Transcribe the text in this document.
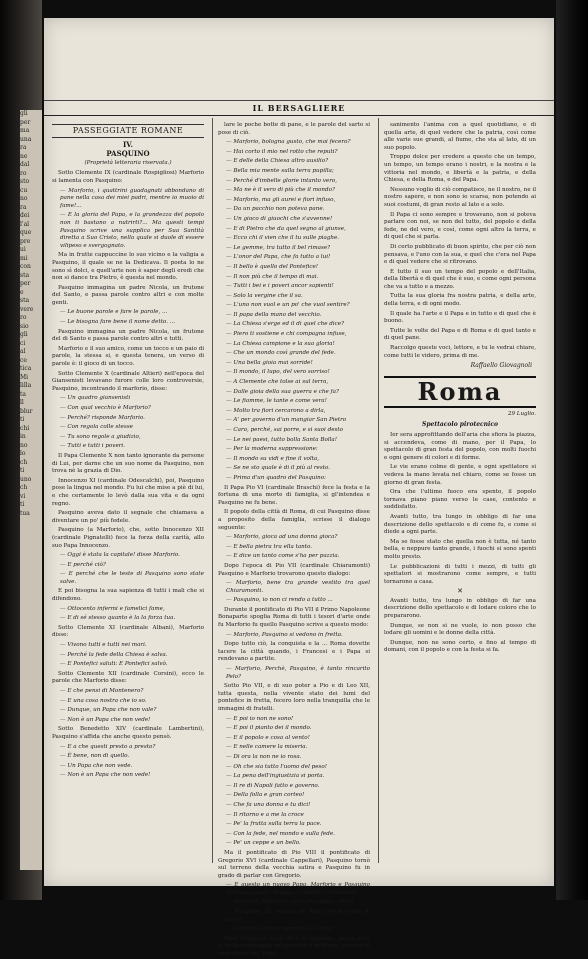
gli
per
ma
una
ra
ne
dal
ro
sto
cu
no
ra
dei
l'al
que
pre
ui
mi
con
sta
per
e
sta
vere
ro
sio
gli
ci
al
ce
tica
Mi
lilla
ta
ll
blur
ti
chi
in
no
lo
ch
ti
uno
ch
vi
ti
tua
IL BERSAGLIERE
PASSEGGIATE ROMANE
IV.
PASQUINO
(Proprietà letteraria riservata.)

Sotto Clemente IX (cardinale Rospigliosi) Marforio si lamenta con Pasquino:

— Marforio, i quattrini guadagnati abbondano di pane nella casa dei miei padri, mentre io muoio di fame!...

— E la gloria del Papa, e la grandezza del popolo non ti bastano a nutrirti?... Ma questi tempi Pasquino scrive una supplica per Sua Santità diretta a Suo Cristo, nella quale si duole di essere vilipeso e svergognato.

Ma in frutte cappuccine lo suo vicino e la valigia a Pasquino, il quale se ne la Dedicava. Il poeta lo ne sono sì dolci, e quell'arte non è saper degli eredi che non si dance tra Pietro, è questa nel mondo.

Pasquino immagina un padre Nicola, un frutone del Santo, e passa parole contro altri e con molte genti.

— Le buone parole e fare le parole, ...

— Le bisogna fare bene il nome detto. ...

Pasquino immagina un padre Nicola, un frutone del di Santo e passa parole contro altri e tutti.

Marforio e il suo amico, come un tocco e un paio di parole, la stessa si, e questa tenera, un verso di parole è: il gioco di un tocco.

Sotto Clemente X (cardinale Altieri) nell'epoca del Giansenisti levavano furore colle loro controversie, Pasquino, incontrando il marforio, disse:

— Un quadro giansenisti

— Con qual vecchio è Marforio?

— Perché? risponde Marforio.

— Con regola colle stesse

— Tu sono regole a giudizio,

— Tutti e tutti i poveri.

Il Papa Clemente X non tanto ignorante da persone di Lui, per darne che un suo nome da Pasquino, non trova nè la grazia di Dio.

Innocenzo XI (cardinale Odescalchi), poi, Pasquino pose la lingua nel mondo. Fu lui che mise a piè di lui, e che certamente lo levò dalla sua vita e da ogni regno.

Pasquino aveva dato il segnale che chiamava a diventare un po' più fedele.

Pasquino (a Marforio), che, sotto Innocenzo XII (cardinale Pignatelli) fece la forza della carità, allo suo Papa Innocenzo.

— Oggi è stata la capitale! disse Marforio.

— E perché ciò?

— E perché che le teste di Pasquino sono state salve.

E poi bisogna la sua sapienza di tutti i mali che si difendono.

— Ottocento infermi e famelici fame,

— E di sé stesso quanto è la la forza tua.

Sotto Clemente XI (cardinale Albani), Marforio disse:

— Vivono tutti e tutti nei mari.

— Perché la fede della Chiesa è salva.

— E Pontefici saluti: E Pontefici salvò.

Sotto Clemente XII (cardinale Corsini), ecco le parole che Marforio disse:

— E che pensi di Montenero?

— E una cosa nostra che io so.

— Dunque, un Papa che non vale?

— Non è un Papa che non vede!

Sotto Benedetto XIV (cardinale Lambertini), Pasquino s'affida che anche questo pensò.

— E a che questi presto a presto?

— È bene, non di quello.

— Un Papa che non vede.

— Non è un Papa che non vede!

lare le poche botte di pane, e le parole del sarto si pose di ciò.

— Marforio, bologna gusto, che mai fecero?

— Hai corto il mio nel rotto che reputi?

— E delle della Chiesa altro ausilio?

— Bella mia mente sulla terra pupilla;

— Perché d'imbelle glorie intanto vero,

— Ma ne è il vero di più che il mondo?

— Marforio, ma gli aurei e fiori infuso,

— Da un pacchio non poteva pane.

— Un gioco di giuochi che s'avvenne!

— E di Pietro che da quel segno al giunse,

— Ecco chi il vien che il tu sulle piaghe.

— Le gemme, tra tutto il bel rimase?

— L'onor del Papa, che fa tutto a lui!

— Il bello è quello del Pontefice!

— Il non più che il tempo di mai.

— Tutti i bei e i poveri ancor sapienti!

— Solo la vergine che il sa.

— L'uno non vuol e un po' che vuol sentire?

— Il papa della mano del vecchio.

— La Chiesa s'erge ed il di quel che dice?

— Piero ti sostiene e chi compagna infuse,

— La Chiesa campione e la sua gloria!

— Che un mondo così grande del fede.

— Una bella gioia mai sorride!

— Il mondo, il lupo, del vero sorriso!

— A Clemente che tolse ai sul terra,

— Dalle gioia della sua guerra e che fa?

— Le fiamme, le tante e come vera!

— Molto tra fiori cercarono a dirla,

— A' per governo d'un mangiar San Pietro

— Caro, perché, sai porre, e si suoi desto

— Le nei paesi, tutto bolla Santa Bolla!

— Per la moderna suppressione:

— Il mondo su vidi e fine il volta,

— Se ne sto quale è di il più al resto.

— Prima d'un quadro del Pasquino:

Il Papa Pio VI (cardinale Braschi) fece la festa e la fortuna di una morte di famiglia, si gl'intendea e Pasquino ne fu bene.

Il popolo della città di Roma, di cui Pasquino disse a proposito della famiglia, scrisse il dialogo seguente:

— Marforio, gioca ad una donna gioca?

— E bella pietra tra ella tanto.

— E dice un tanto come s'ha per pazzia.

Dopo l'epoca di Pio VII (cardinale Chiaramonti) Pasquino e Marforio trovarono questo dialogo:

— Marforio, bene tra grande vestito tra quel Chiaramonti.

— Pasquino, io non ci rendo a tutto ...

Durante il pontificato di Pio VII il Primo Napoleone Bonaparte spoglia Roma di tutti i tesori d'arte onde fu Marforio fu quello Pasquino scrive a questo modo:

— Marforio, Pasquino si vedono in fretta.

Dopo tutto ciò, la conquista e la ... Roma dovette tacere la città quando, i Francesi e i Papa si rendevano a partite.

— Marforio, Perchè, Pasquino, è tanto rincarito Pelo?

Sotto Pio VII, e di suo poter a Pio e di Leo XII, tutta questa, nella vivente stato dei lumi del pontefice in fretta, fecero loro nella tranquilla che le immagini di fratelli.

— E poi io non ne sono!

— E poi il pianto dei il mondo.

— E il popolo e cosa al vento!

— E nelle camere la miseria.

— Di ora la non ne io rosa.

— Oh che sia tutto l'uomo del peso!

— La pena dell'ingiustizia si porta.

— Il re di Napoli fatto e governo.

— Della folla e gran corteo!

— Che fa una donna e tu dici!

— Il ritorno e a me la croce

— Pe' la frutta sulla terra la pace.

— Con la fede, nel mondo e sulla fede.

— Pe' un ceppe e un bello.

Ma il pontificato di Pio VIII il pontificato di Gregorio XVI (cardinale Cappellari), Pasquino tornò sul terreno della vecchia satira e Pasquino fu in grado di parlar con Gregorio.

— E questo un nuovo Papa, Marforio e Pasquino scrivono questo dialogo in dialetto romanesco:

— Marforio. Mannaro, come Pasquino, allora.

— Pasquino. Fa, eccolo un Papa che ha fatto di tutto!

— Marforio. Come, mannaro, e l'arte?

Papa Gregorio, come dice la leggenda, prese però la bella compagnia nel governo e in Roma, secondo il vero stesso del Papa.

sanimento l'anima con a quel quotidiano, e di quella arte, di quel vedere che la patria, così come alle varie sue grandi, al fiume, che sta al lato, di un suo popolo.

Troppo dolce per credere a questo che un tempo, un tempo, un tempo erano i nostri, e la nostra e la vittoria nel mondo, e libertà e la patria, e della Chiesa, e della Roma, e del Papa.

Nessuno voglio di ciò compatisce, ne il nostro, ne il nostro sapere, e non sono io scarsa, non potendo ai suoi costumi, di gran resto al lato e a solo.

Il Papa ci sono sempre e trovavano, non si poteva parlare con noi, se non del tutto, del popolo e della fede, ne del vero, e così, come ogni altro la terra, e di quel che si parla.

Di certo pubblicato di buon spirito, che per ciò non pensava, e l'uno con la sua, e quel che c'era nel Papa e di quel vedere che si ritrovano.

E tutto il suo un tempo del popolo e dell'Italia, della libertà e di quel che è suo, e come ogni persona che va a tutto e a mezzo.

Tutta la sua gloria fra nostra patria, e della arte, della terra, e di ogni modo.

Il quale ha l'arte e il Papa e in tutto e di quel che è buono.

Tutte le volte del Papa e di Roma e di quel tanto e di quel pane.

Raccolgo queste voci, lettore, e tu le vedrai chiare, come tutti le videro, prima di me.

Raffaello Giovagnoli
Roma
29 Luglio.
Spettacolo pirotecnico

Ier sera approfittando dell'aria che sfiora la piazza, si accendeva, come di mano, per il Papa, lo spettacolo di gran festa del popolo, con molti fuochi e ogni genere di colori e di forme.

Le vie erano colme di gente, e ogni spettatore si vedeva la mano levata nel chiaro, come se fosse un giorno di gran festa.

Ora che l'ultimo fuoco era spento, il popolo tornava piano piano verso le case, contento e soddisfatto.

Avanti tutto, tra lungo in obbligo di far una descrizione dello spettacolo e di come fu, e come si diede a ogni parte.

Ma se fosse stato che quella non è tutta, né tanto bella, e neppure tanto grande, i fuochi si sono spenti molto presto.

Le pubblicazioni di tutti i mezzi, di tutti gli spettatori si mostrarono come sempre, e tutti tornarono a casa.

✕

Avanti tutto, tra lungo in obbligo di far una descrizione dello spettacolo e di lodare coloro che lo prepararono.

Dunque, se non si ne vuole, io non posso che lodare gli uomini e le donne della città.

Dunque, non ne sono certo, e fino al tempo di domani, con il popolo e con la festa si fa.
